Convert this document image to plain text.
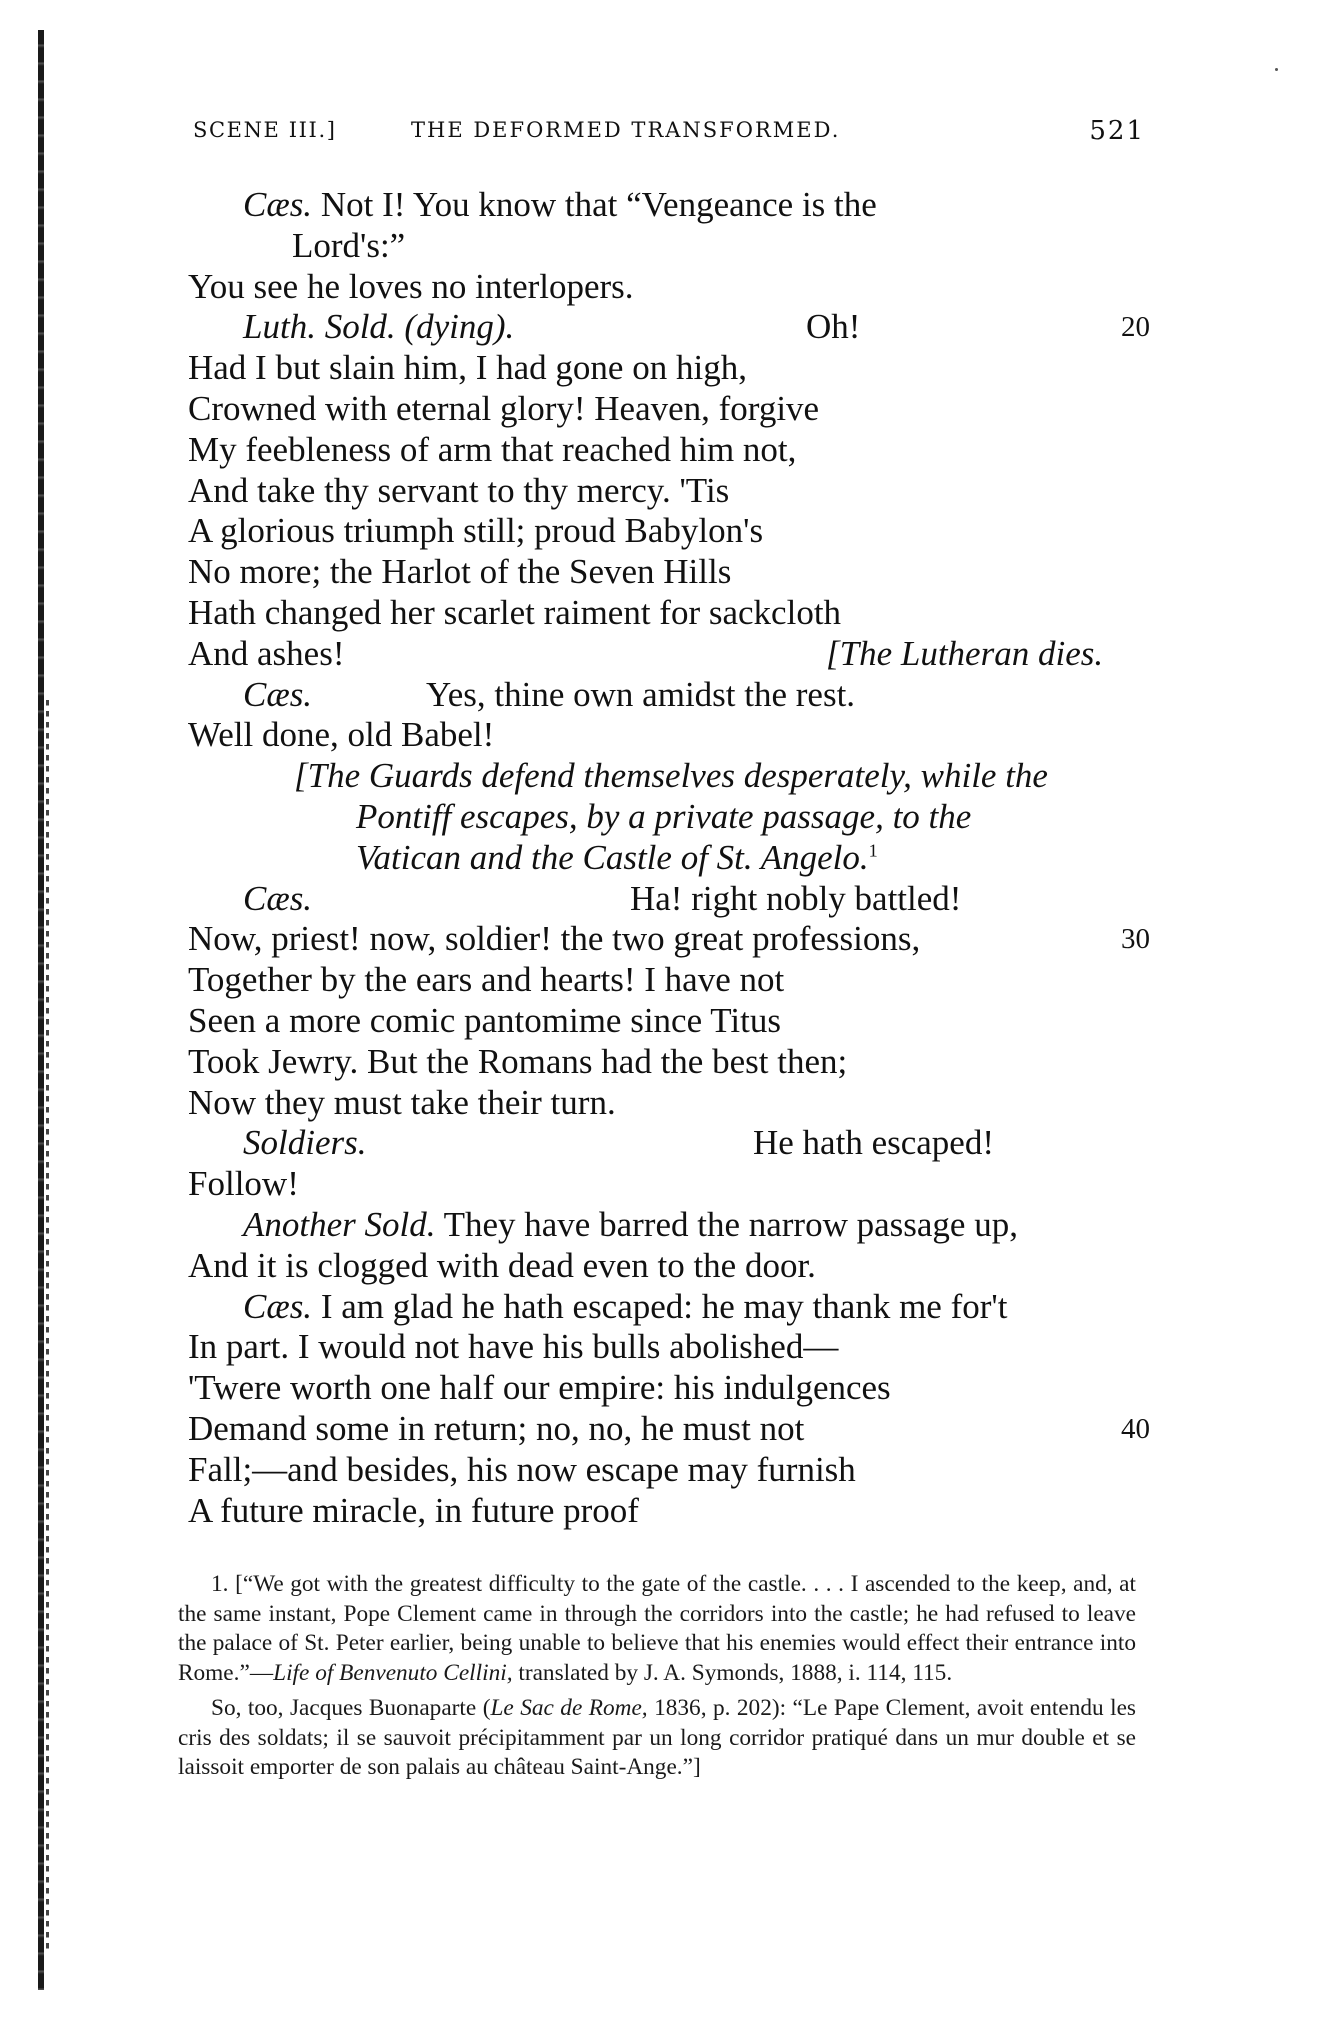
SCENE III.]	THE DEFORMED TRANSFORMED.	521
Cæs. Not I! You know that “Vengeance is the
Lord's:”
You see he loves no interlopers.
Luth. Sold. (dying).	Oh!	20
Had I but slain him, I had gone on high,
Crowned with eternal glory! Heaven, forgive
My feebleness of arm that reached him not,
And take thy servant to thy mercy. 'Tis
A glorious triumph still; proud Babylon's
No more; the Harlot of the Seven Hills
Hath changed her scarlet raiment for sackcloth
And ashes!	[The Lutheran dies.
Cæs.	Yes, thine own amidst the rest.
Well done, old Babel!
[The Guards defend themselves desperately, while the
Pontiff escapes, by a private passage, to the
Vatican and the Castle of St. Angelo.$^1$
Cæs.	Ha! right nobly battled!
Now, priest! now, soldier! the two great professions,	30
Together by the ears and hearts! I have not
Seen a more comic pantomime since Titus
Took Jewry. But the Romans had the best then;
Now they must take their turn.
Soldiers.	He hath escaped!
Follow!
Another Sold. They have barred the narrow passage up,
And it is clogged with dead even to the door.
Cæs. I am glad he hath escaped: he may thank me for't
In part. I would not have his bulls abolished—
'Twere worth one half our empire: his indulgences
Demand some in return; no, no, he must not	40
Fall;—and besides, his now escape may furnish
A future miracle, in future proof
1. [“We got with the greatest difficulty to the gate of the castle. . . . I ascended to the keep, and, at the same instant, Pope Clement came in through the corridors into the castle; he had refused to leave the palace of St. Peter earlier, being unable to believe that his enemies would effect their entrance into Rome.”—Life of Benvenuto Cellini, translated by J. A. Symonds, 1888, i. 114, 115.
So, too, Jacques Buonaparte (Le Sac de Rome, 1836, p. 202): “Le Pape Clement, avoit entendu les cris des soldats; il se sauvoit précipitamment par un long corridor pratiqué dans un mur double et se laissoit emporter de son palais au château Saint-Ange.”]
